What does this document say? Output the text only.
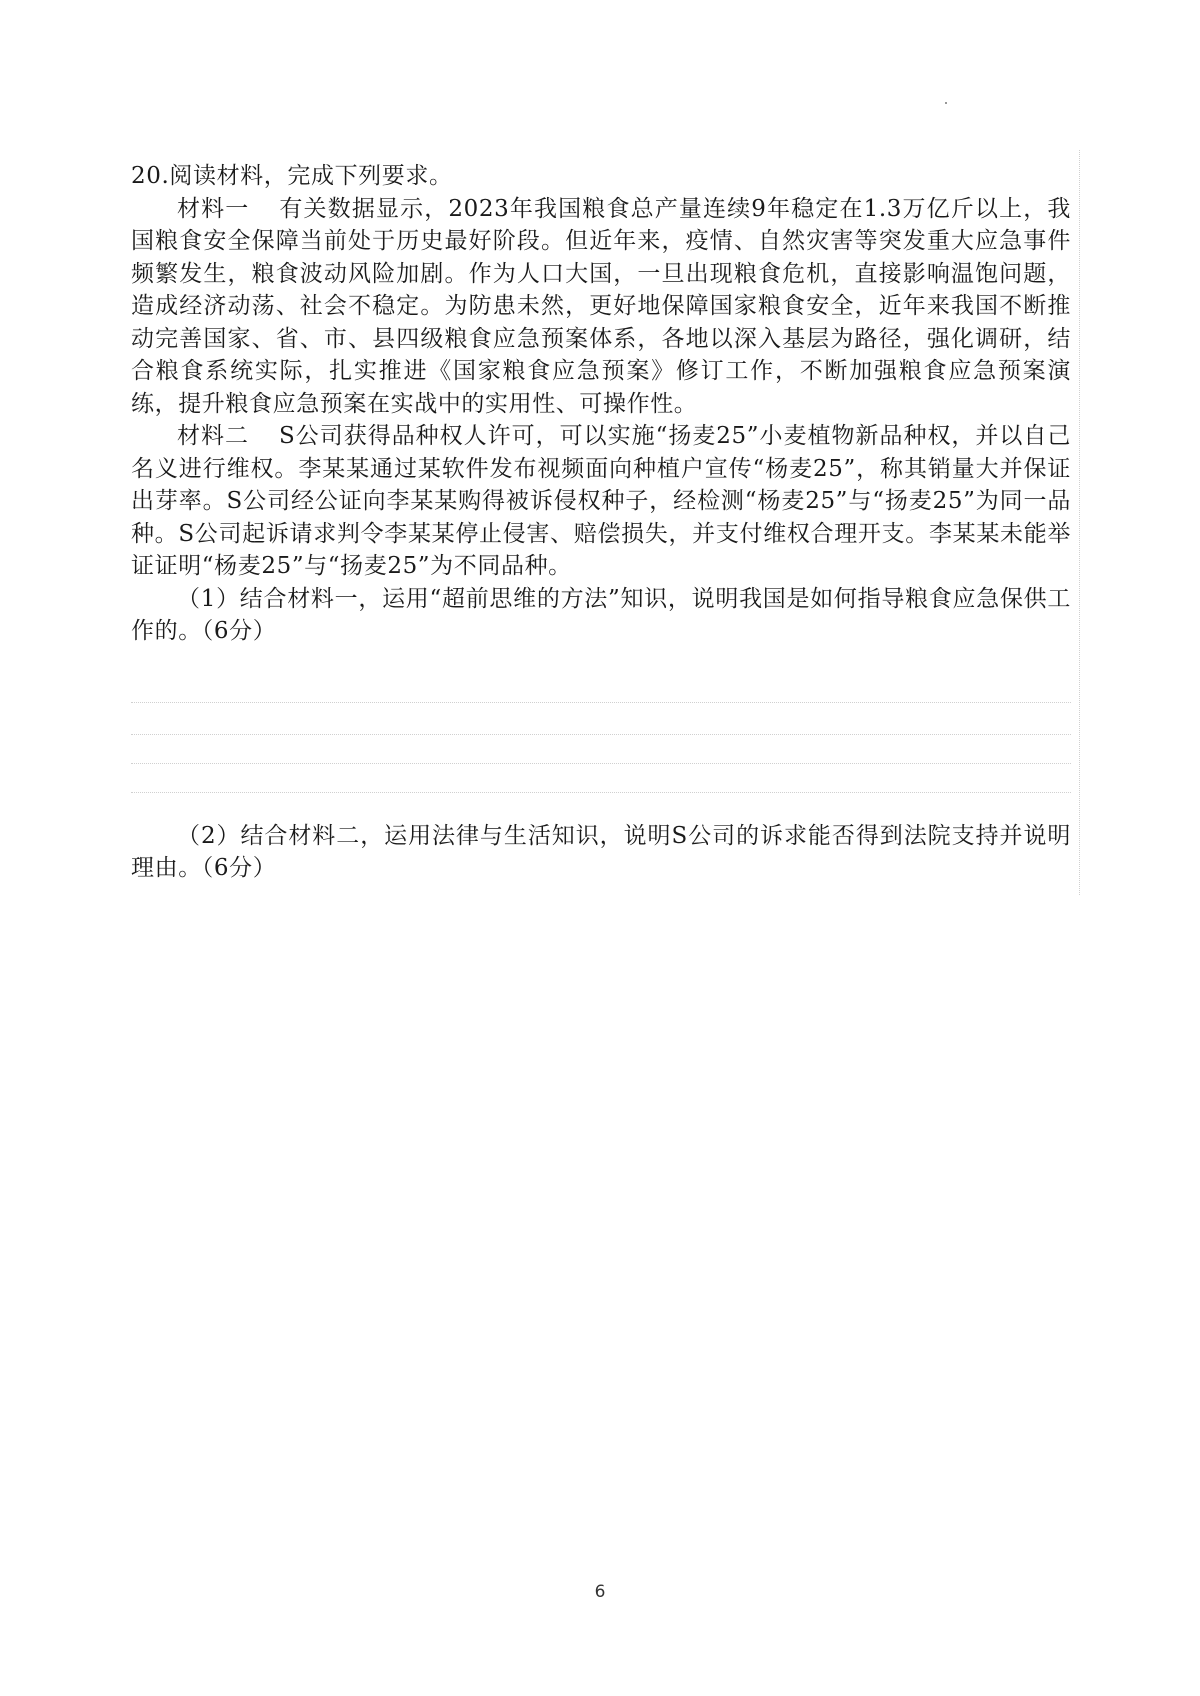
20.阅读材料，完成下列要求。

材料一 有关数据显示，2023年我国粮食总产量连续9年稳定在1.3万亿斤以上，我国粮食安全保障当前处于历史最好阶段。但近年来，疫情、自然灾害等突发重大应急事件频繁发生，粮食波动风险加剧。作为人口大国，一旦出现粮食危机，直接影响温饱问题，造成经济动荡、社会不稳定。为防患未然，更好地保障国家粮食安全，近年来我国不断推动完善国家、省、市、县四级粮食应急预案体系，各地以深入基层为路径，强化调研，结合粮食系统实际，扎实推进《国家粮食应急预案》修订工作，不断加强粮食应急预案演练，提升粮食应急预案在实战中的实用性、可操作性。

材料二 S公司获得品种权人许可，可以实施“扬麦25”小麦植物新品种权，并以自己名义进行维权。李某某通过某软件发布视频面向种植户宣传“杨麦25”，称其销量大并保证出芽率。S公司经公证向李某某购得被诉侵权种子，经检测“杨麦25”与“扬麦25”为同一品种。S公司起诉请求判令李某某停止侵害、赔偿损失，并支付维权合理开支。李某某未能举证证明“杨麦25”与“扬麦25”为不同品种。

（1）结合材料一，运用“超前思维的方法”知识，说明我国是如何指导粮食应急保供工作的。（6分）

（2）结合材料二，运用法律与生活知识，说明S公司的诉求能否得到法院支持并说明理由。（6分）

6
